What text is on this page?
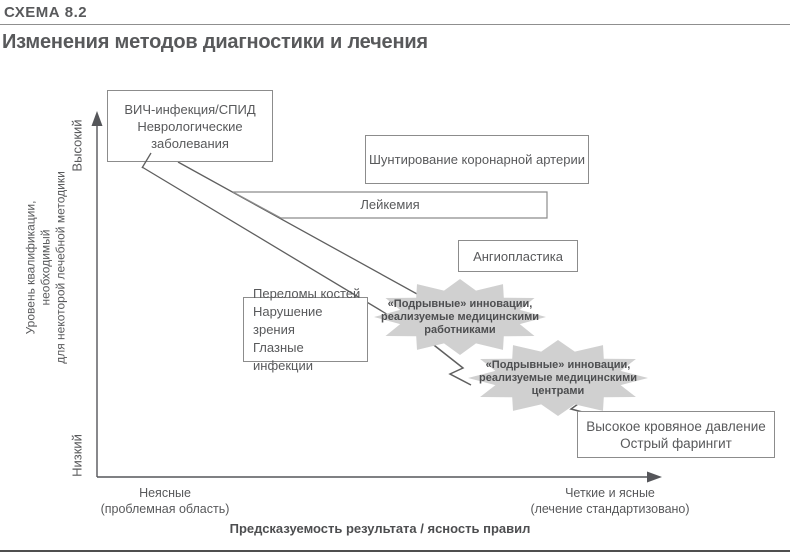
СХЕМА 8.2
Изменения методов диагностики и лечения
ВИЧ-инфекция/СПИД
Неврологические
заболевания
Шунтирование коронарной артерии
Лейкемия
Ангиопластика
Переломы костей
Нарушение зрения
Глазные инфекции
Высокое кровяное давление
Острый фарингит
«Подрывные» инновации,
реализуемые медицинскими
работниками
«Подрывные» инновации,
реализуемые медицинскими
центрами
Высокий
Низкий
Уровень квалификации, необходимый для некоторой лечебной методики
Неясные
(проблемная область)
Четкие и ясные
(лечение стандартизовано)
Предсказуемость результата / ясность правил
